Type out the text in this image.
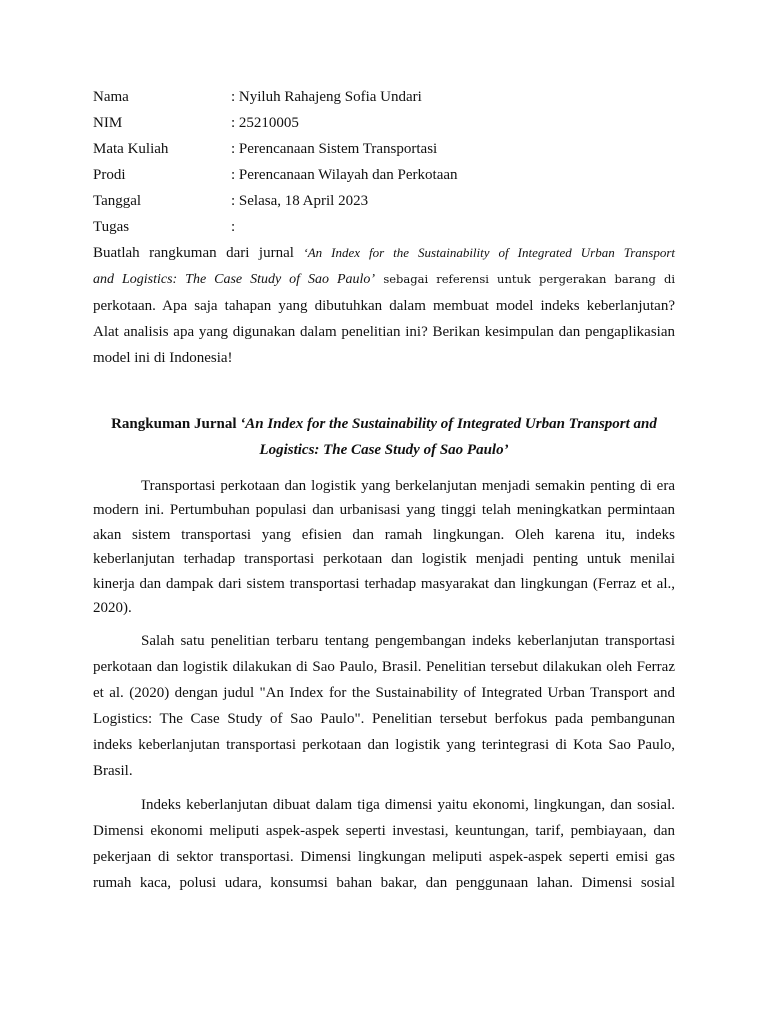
Nama	: Nyiluh Rahajeng Sofia Undari
NIM	: 25210005
Mata Kuliah	: Perencanaan Sistem Transportasi
Prodi	: Perencanaan Wilayah dan Perkotaan
Tanggal	: Selasa, 18 April 2023
Tugas	:
Buatlah rangkuman dari jurnal ‘An Index for the Sustainability of Integrated Urban Transport
and Logistics: The Case Study of Sao Paulo’ sebagai referensi untuk pergerakan barang di
perkotaan. Apa saja tahapan yang dibutuhkan dalam membuat model indeks keberlanjutan?
Alat analisis apa yang digunakan dalam penelitian ini? Berikan kesimpulan dan pengaplikasian
model ini di Indonesia!
Rangkuman Jurnal ‘An Index for the Sustainability of Integrated Urban Transport and
Logistics: The Case Study of Sao Paulo’
Transportasi perkotaan dan logistik yang berkelanjutan menjadi semakin penting di era
modern ini. Pertumbuhan populasi dan urbanisasi yang tinggi telah meningkatkan permintaan
akan sistem transportasi yang efisien dan ramah lingkungan. Oleh karena itu, indeks
keberlanjutan terhadap transportasi perkotaan dan logistik menjadi penting untuk menilai
kinerja dan dampak dari sistem transportasi terhadap masyarakat dan lingkungan (Ferraz et al.,
2020).
Salah satu penelitian terbaru tentang pengembangan indeks keberlanjutan transportasi
perkotaan dan logistik dilakukan di Sao Paulo, Brasil. Penelitian tersebut dilakukan oleh Ferraz
et al. (2020) dengan judul "An Index for the Sustainability of Integrated Urban Transport and
Logistics: The Case Study of Sao Paulo". Penelitian tersebut berfokus pada pembangunan
indeks keberlanjutan transportasi perkotaan dan logistik yang terintegrasi di Kota Sao Paulo,
Brasil.
Indeks keberlanjutan dibuat dalam tiga dimensi yaitu ekonomi, lingkungan, dan sosial.
Dimensi ekonomi meliputi aspek-aspek seperti investasi, keuntungan, tarif, pembiayaan, dan
pekerjaan di sektor transportasi. Dimensi lingkungan meliputi aspek-aspek seperti emisi gas
rumah kaca, polusi udara, konsumsi bahan bakar, dan penggunaan lahan. Dimensi sosial
